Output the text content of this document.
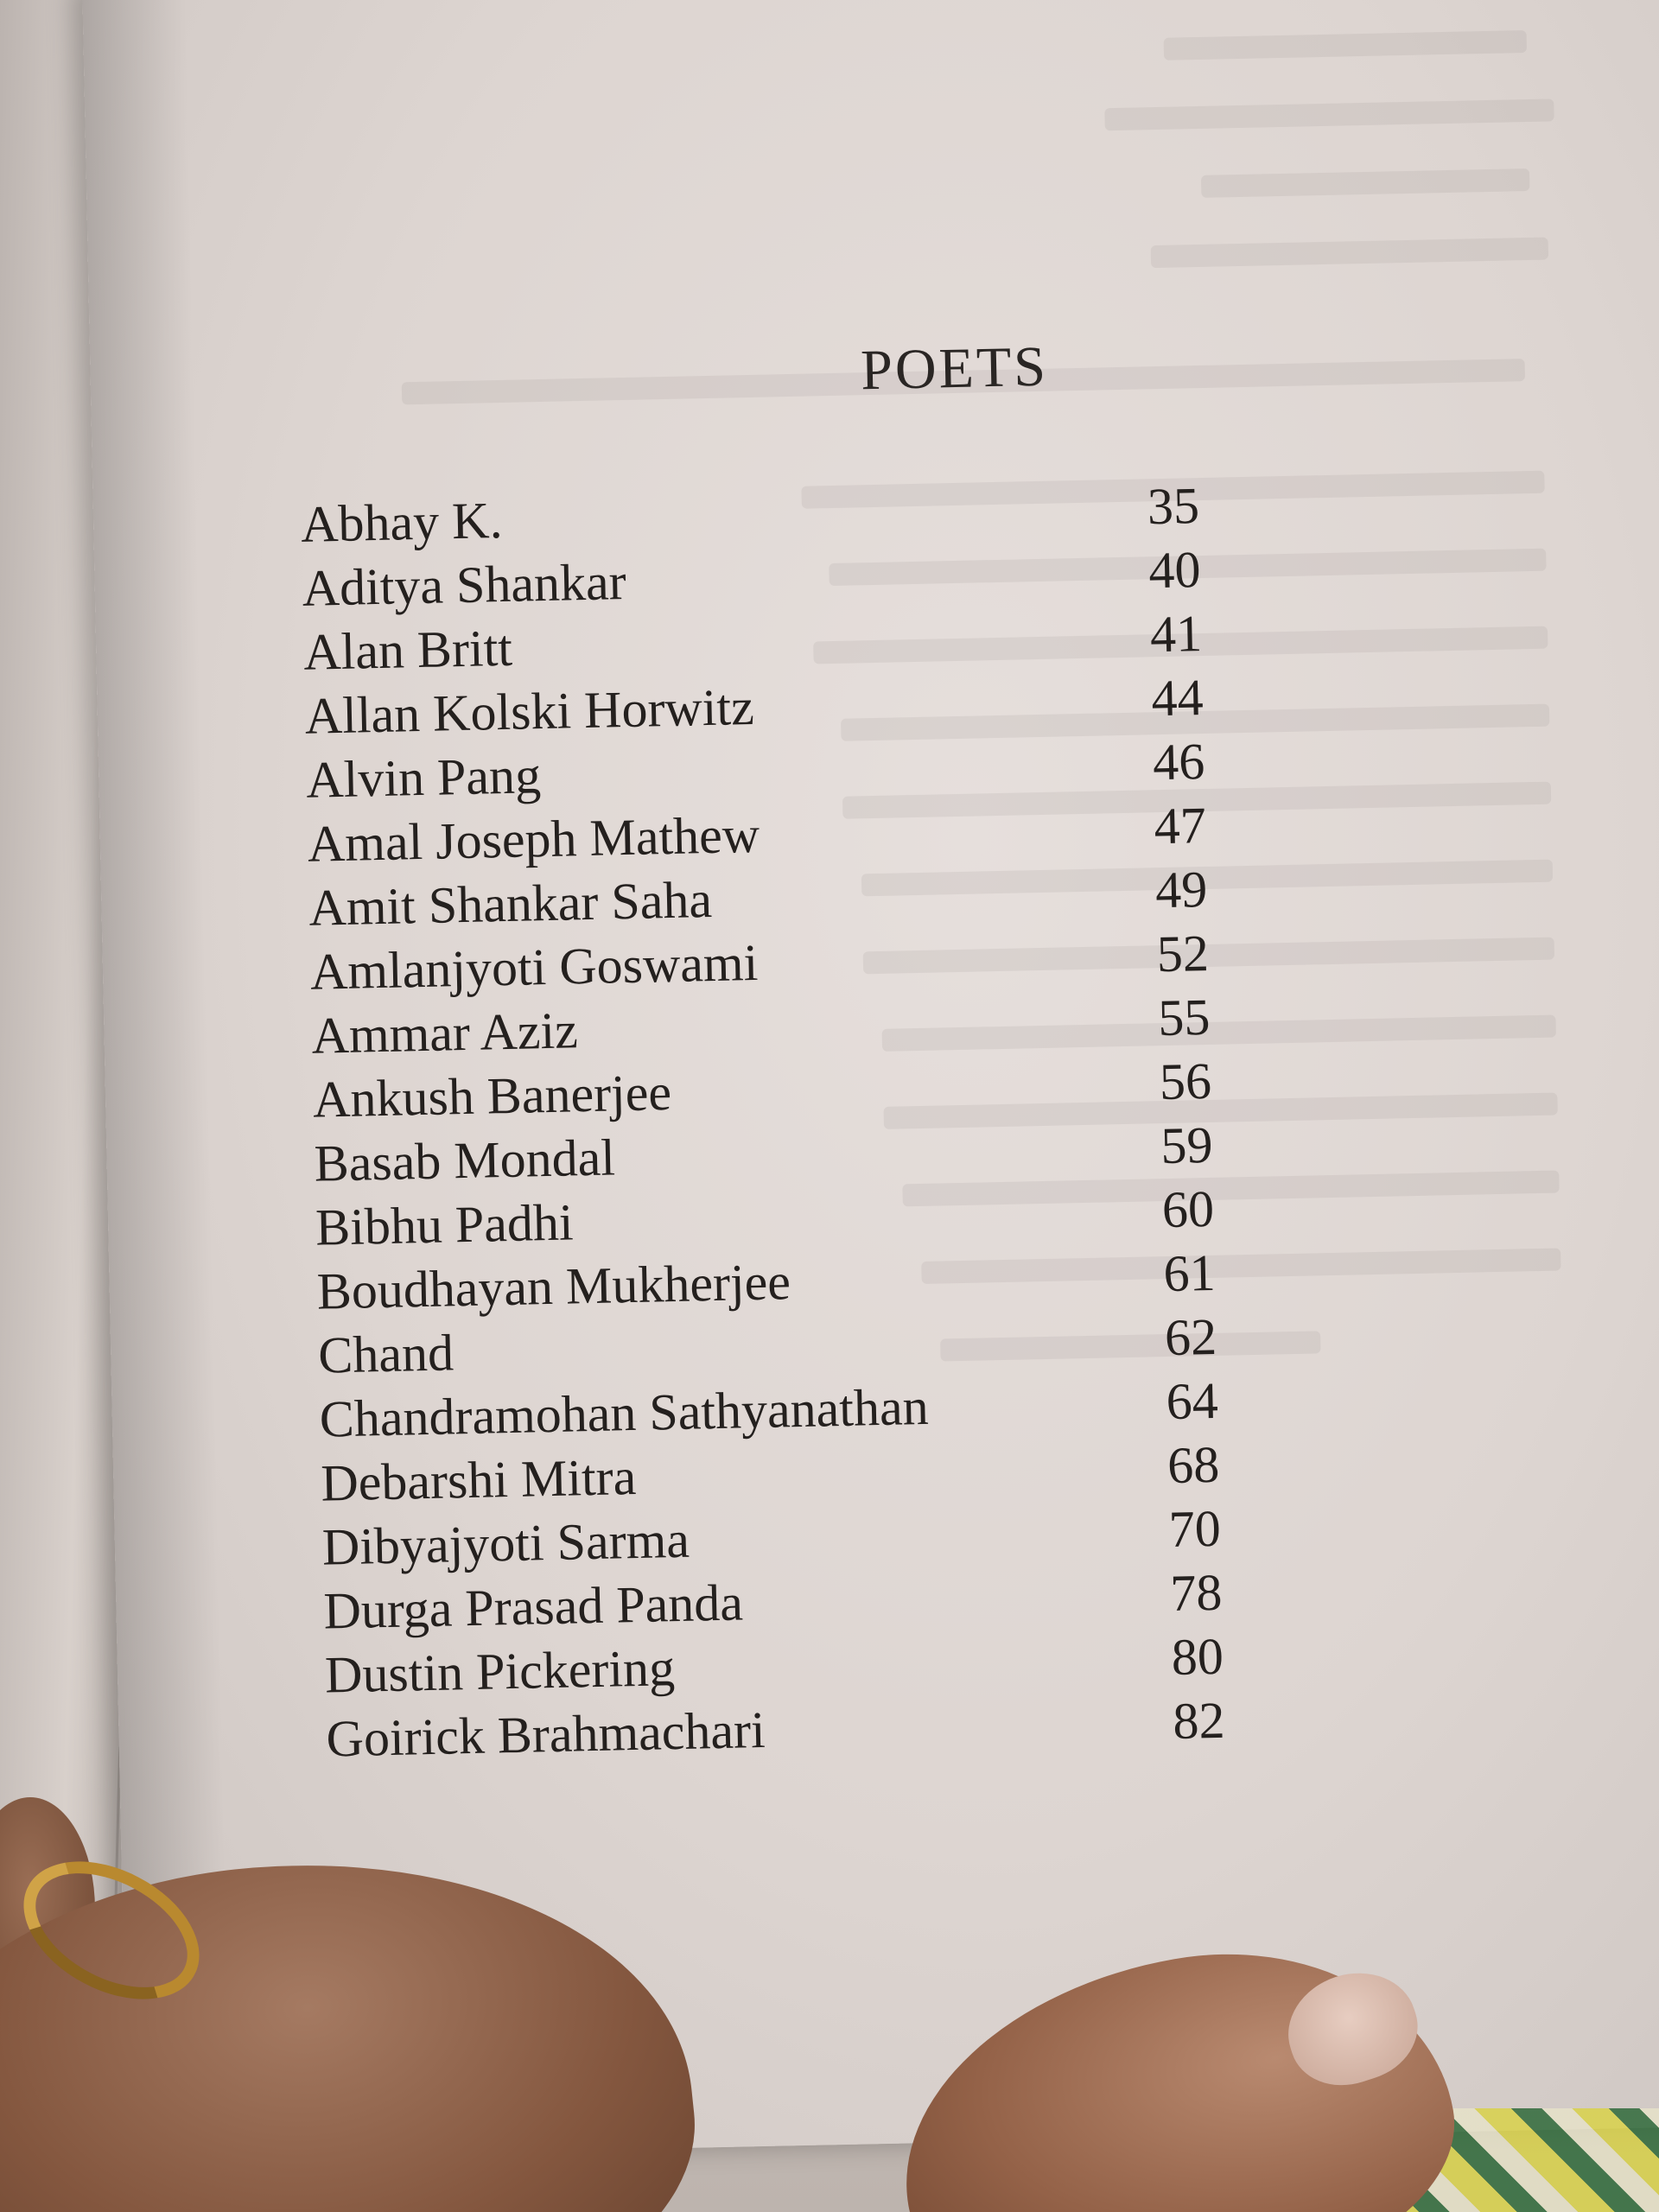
POETS
Abhay K.	35
Aditya Shankar	40
Alan Britt	41
Allan Kolski Horwitz	44
Alvin Pang	46
Amal Joseph Mathew	47
Amit Shankar Saha	49
Amlanjyoti Goswami	52
Ammar Aziz	55
Ankush Banerjee	56
Basab Mondal	59
Bibhu Padhi	60
Boudhayan Mukherjee	61
Chand	62
Chandramohan Sathyanathan	64
Debarshi Mitra	68
Dibyajyoti Sarma	70
Durga Prasad Panda	78
Dustin Pickering	80
Goirick Brahmachari	82
